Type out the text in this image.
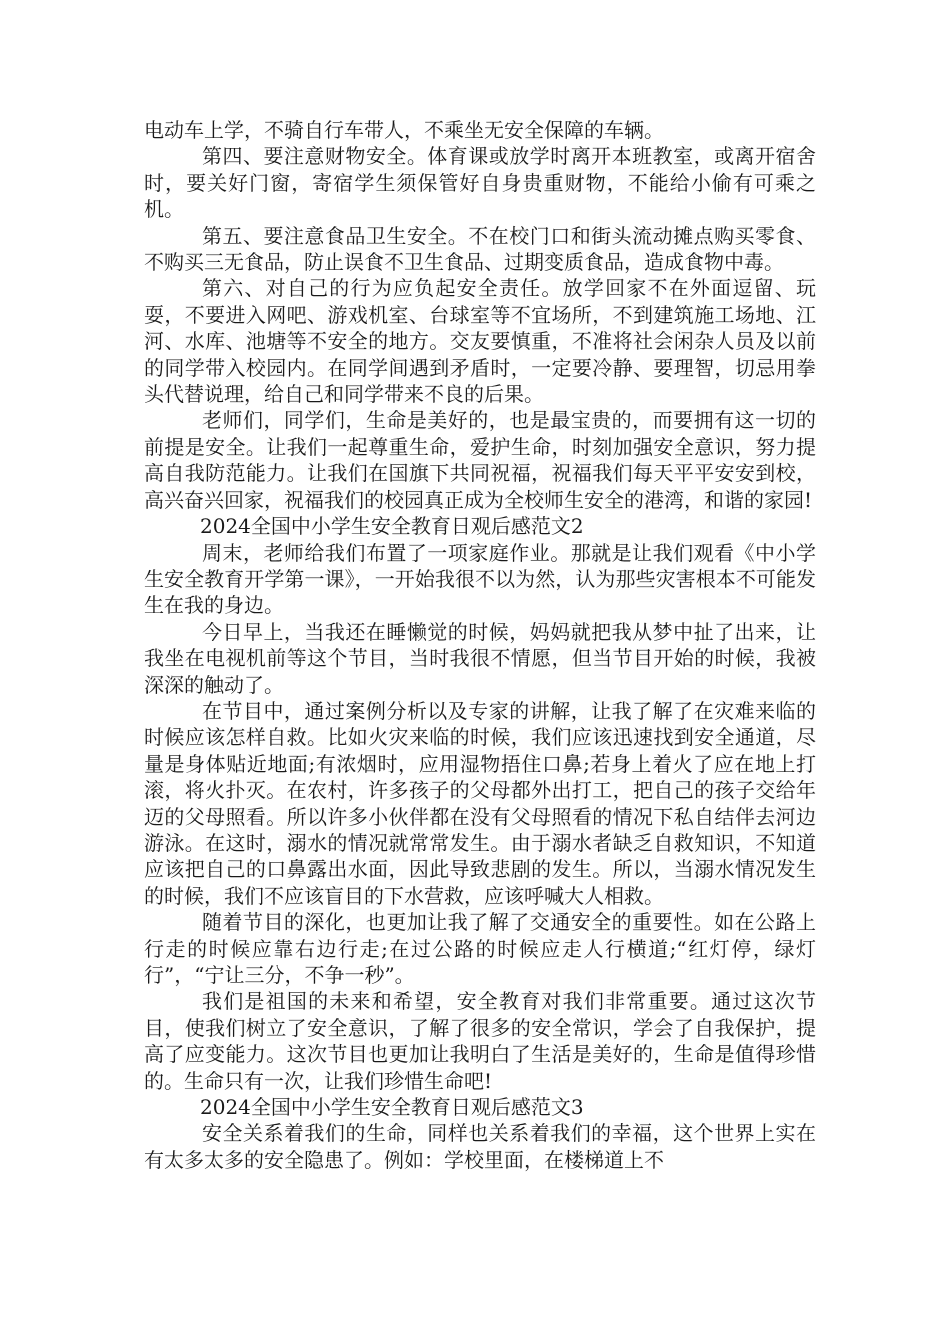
电动车上学，不骑自行车带人，不乘坐无安全保障的车辆。

第四、要注意财物安全。体育课或放学时离开本班教室，或离开宿舍时，要关好门窗，寄宿学生须保管好自身贵重财物，不能给小偷有可乘之机。

第五、要注意食品卫生安全。不在校门口和街头流动摊点购买零食、不购买三无食品，防止误食不卫生食品、过期变质食品，造成食物中毒。

第六、对自己的行为应负起安全责任。放学回家不在外面逗留、玩耍，不要进入网吧、游戏机室、台球室等不宜场所，不到建筑施工场地、江河、水库、池塘等不安全的地方。交友要慎重，不准将社会闲杂人员及以前的同学带入校园内。在同学间遇到矛盾时，一定要冷静、要理智，切忌用拳头代替说理，给自己和同学带来不良的后果。

老师们，同学们，生命是美好的，也是最宝贵的，而要拥有这一切的前提是安全。让我们一起尊重生命，爱护生命，时刻加强安全意识，努力提高自我防范能力。让我们在国旗下共同祝福，祝福我们每天平平安安到校，高兴奋兴回家，祝福我们的校园真正成为全校师生安全的港湾，和谐的家园!

2024全国中小学生安全教育日观后感范文2

周末，老师给我们布置了一项家庭作业。那就是让我们观看《中小学生安全教育开学第一课》，一开始我很不以为然，认为那些灾害根本不可能发生在我的身边。

今日早上，当我还在睡懒觉的时候，妈妈就把我从梦中扯了出来，让我坐在电视机前等这个节目，当时我很不情愿，但当节目开始的时候，我被深深的触动了。

在节目中，通过案例分析以及专家的讲解，让我了解了在灾难来临的时候应该怎样自救。比如火灾来临的时候，我们应该迅速找到安全通道，尽量是身体贴近地面;有浓烟时，应用湿物捂住口鼻;若身上着火了应在地上打滚，将火扑灭。在农村，许多孩子的父母都外出打工，把自己的孩子交给年迈的父母照看。所以许多小伙伴都在没有父母照看的情况下私自结伴去河边游泳。在这时，溺水的情况就常常发生。由于溺水者缺乏自救知识，不知道应该把自己的口鼻露出水面，因此导致悲剧的发生。所以，当溺水情况发生的时候，我们不应该盲目的下水营救，应该呼喊大人相救。

随着节目的深化，也更加让我了解了交通安全的重要性。如在公路上行走的时候应靠右边行走;在过公路的时候应走人行横道;“红灯停，绿灯行”，“宁让三分，不争一秒”。

我们是祖国的未来和希望，安全教育对我们非常重要。通过这次节目，使我们树立了安全意识，了解了很多的安全常识，学会了自我保护，提高了应变能力。这次节目也更加让我明白了生活是美好的，生命是值得珍惜的。生命只有一次，让我们珍惜生命吧!

2024全国中小学生安全教育日观后感范文3

安全关系着我们的生命，同样也关系着我们的幸福，这个世界上实在有太多太多的安全隐患了。例如：学校里面，在楼梯道上不
